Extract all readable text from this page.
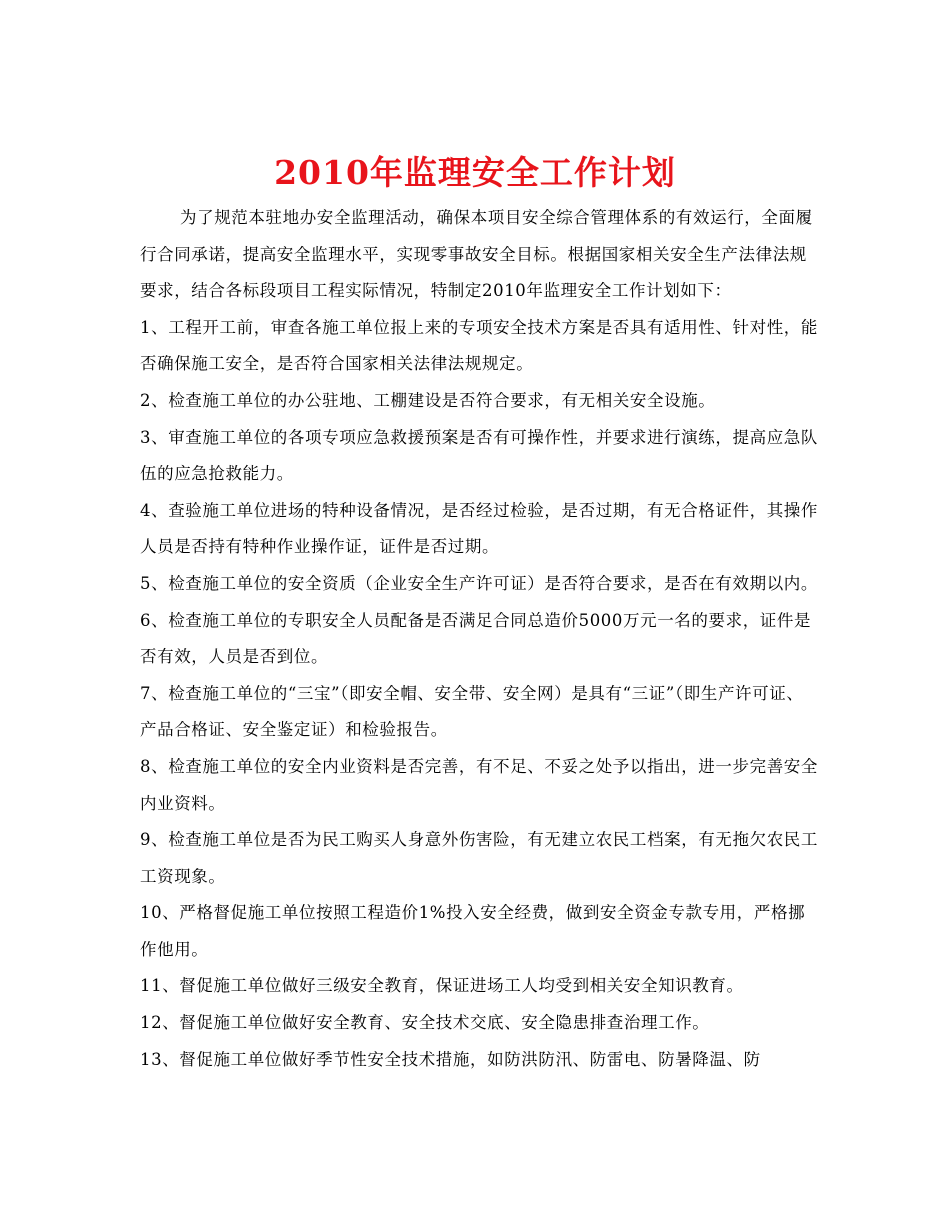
2010年监理安全工作计划

为了规范本驻地办安全监理活动，确保本项目安全综合管理体系的有效运行，全面履行合同承诺，提高安全监理水平，实现零事故安全目标。根据国家相关安全生产法律法规要求，结合各标段项目工程实际情况，特制定2010年监理安全工作计划如下：

1、工程开工前，审查各施工单位报上来的专项安全技术方案是否具有适用性、针对性，能否确保施工安全，是否符合国家相关法律法规规定。

2、检查施工单位的办公驻地、工棚建设是否符合要求，有无相关安全设施。

3、审查施工单位的各项专项应急救援预案是否有可操作性，并要求进行演练，提高应急队伍的应急抢救能力。

4、查验施工单位进场的特种设备情况，是否经过检验，是否过期，有无合格证件，其操作人员是否持有特种作业操作证，证件是否过期。

5、检查施工单位的安全资质（企业安全生产许可证）是否符合要求，是否在有效期以内。

6、检查施工单位的专职安全人员配备是否满足合同总造价5000万元一名的要求，证件是否有效，人员是否到位。

7、检查施工单位的“三宝”（即安全帽、安全带、安全网）是具有“三证”（即生产许可证、产品合格证、安全鉴定证）和检验报告。

8、检查施工单位的安全内业资料是否完善，有不足、不妥之处予以指出，进一步完善安全内业资料。

9、检查施工单位是否为民工购买人身意外伤害险，有无建立农民工档案，有无拖欠农民工工资现象。

10、严格督促施工单位按照工程造价1%投入安全经费，做到安全资金专款专用，严格挪作他用。

11、督促施工单位做好三级安全教育，保证进场工人均受到相关安全知识教育。

12、督促施工单位做好安全教育、安全技术交底、安全隐患排查治理工作。

13、督促施工单位做好季节性安全技术措施，如防洪防汛、防雷电、防暑降温、防
